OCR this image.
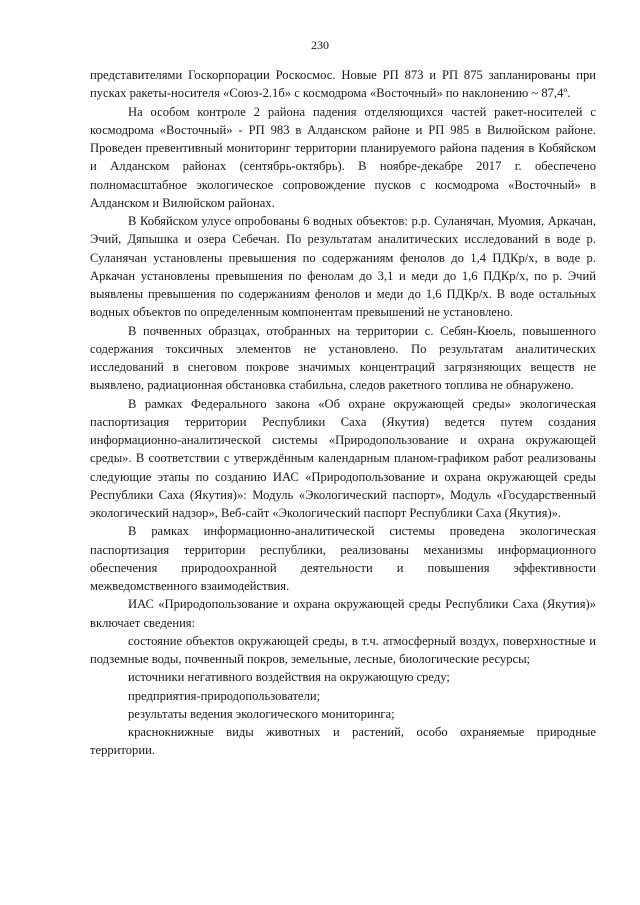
230

представителями Госкорпорации Роскосмос. Новые РП 873 и РП 875 запланированы при пусках ракеты-носителя «Союз-2.1б» с космодрома «Восточный» по наклонению ~ 87,4º.

На особом контроле 2 района падения отделяющихся частей ракет-носителей с космодрома «Восточный» - РП 983 в Алданском районе и РП 985 в Вилюйском районе. Проведен превентивный мониторинг территории планируемого района падения в Кобяйском и Алданском районах (сентябрь-октябрь). В ноябре-декабре 2017 г. обеспечено полномасштабное экологическое сопровождение пусков с космодрома «Восточный» в Алданском и Вилюйском районах.

В Кобяйском улусе опробованы 6 водных объектов: р.р. Суланячан, Муомия, Аркачан, Эчий, Дяпышка и озера Себечан. По результатам аналитических исследований в воде р. Суланячан установлены превышения по содержаниям фенолов до 1,4 ПДКр/х, в воде р. Аркачан установлены превышения по фенолам до 3,1 и меди до 1,6 ПДКр/х, по р. Эчий выявлены превышения по содержаниям фенолов и меди до 1,6 ПДКр/х. В воде остальных водных объектов по определенным компонентам превышений не установлено.

В почвенных образцах, отобранных на территории с. Себян-Кюель, повышенного содержания токсичных элементов не установлено. По результатам аналитических исследований в снеговом покрове значимых концентраций загрязняющих веществ не выявлено, радиационная обстановка стабильна, следов ракетного топлива не обнаружено.

В рамках Федерального закона «Об охране окружающей среды» экологическая паспортизация территории Республики Саха (Якутия) ведется путем создания информационно-аналитической системы «Природопользование и охрана окружающей среды». В соответствии с утверждённым календарным планом-графиком работ реализованы следующие этапы по созданию ИАС «Природопользование и охрана окружающей среды Республики Саха (Якутия)»: Модуль «Экологический паспорт», Модуль «Государственный экологический надзор», Веб-сайт «Экологический паспорт Республики Саха (Якутия)».

В рамках информационно-аналитической системы проведена экологическая паспортизация территории республики, реализованы механизмы информационного обеспечения природоохранной деятельности и повышения эффективности межведомственного взаимодействия.

ИАС «Природопользование и охрана окружающей среды Республики Саха (Якутия)» включает сведения:

состояние объектов окружающей среды, в т.ч. атмосферный воздух, поверхностные и подземные воды, почвенный покров, земельные, лесные, биологические ресурсы;

источники негативного воздействия на окружающую среду;

предприятия-природопользователи;

результаты ведения экологического мониторинга;

краснокнижные виды животных и растений, особо охраняемые природные территории.
